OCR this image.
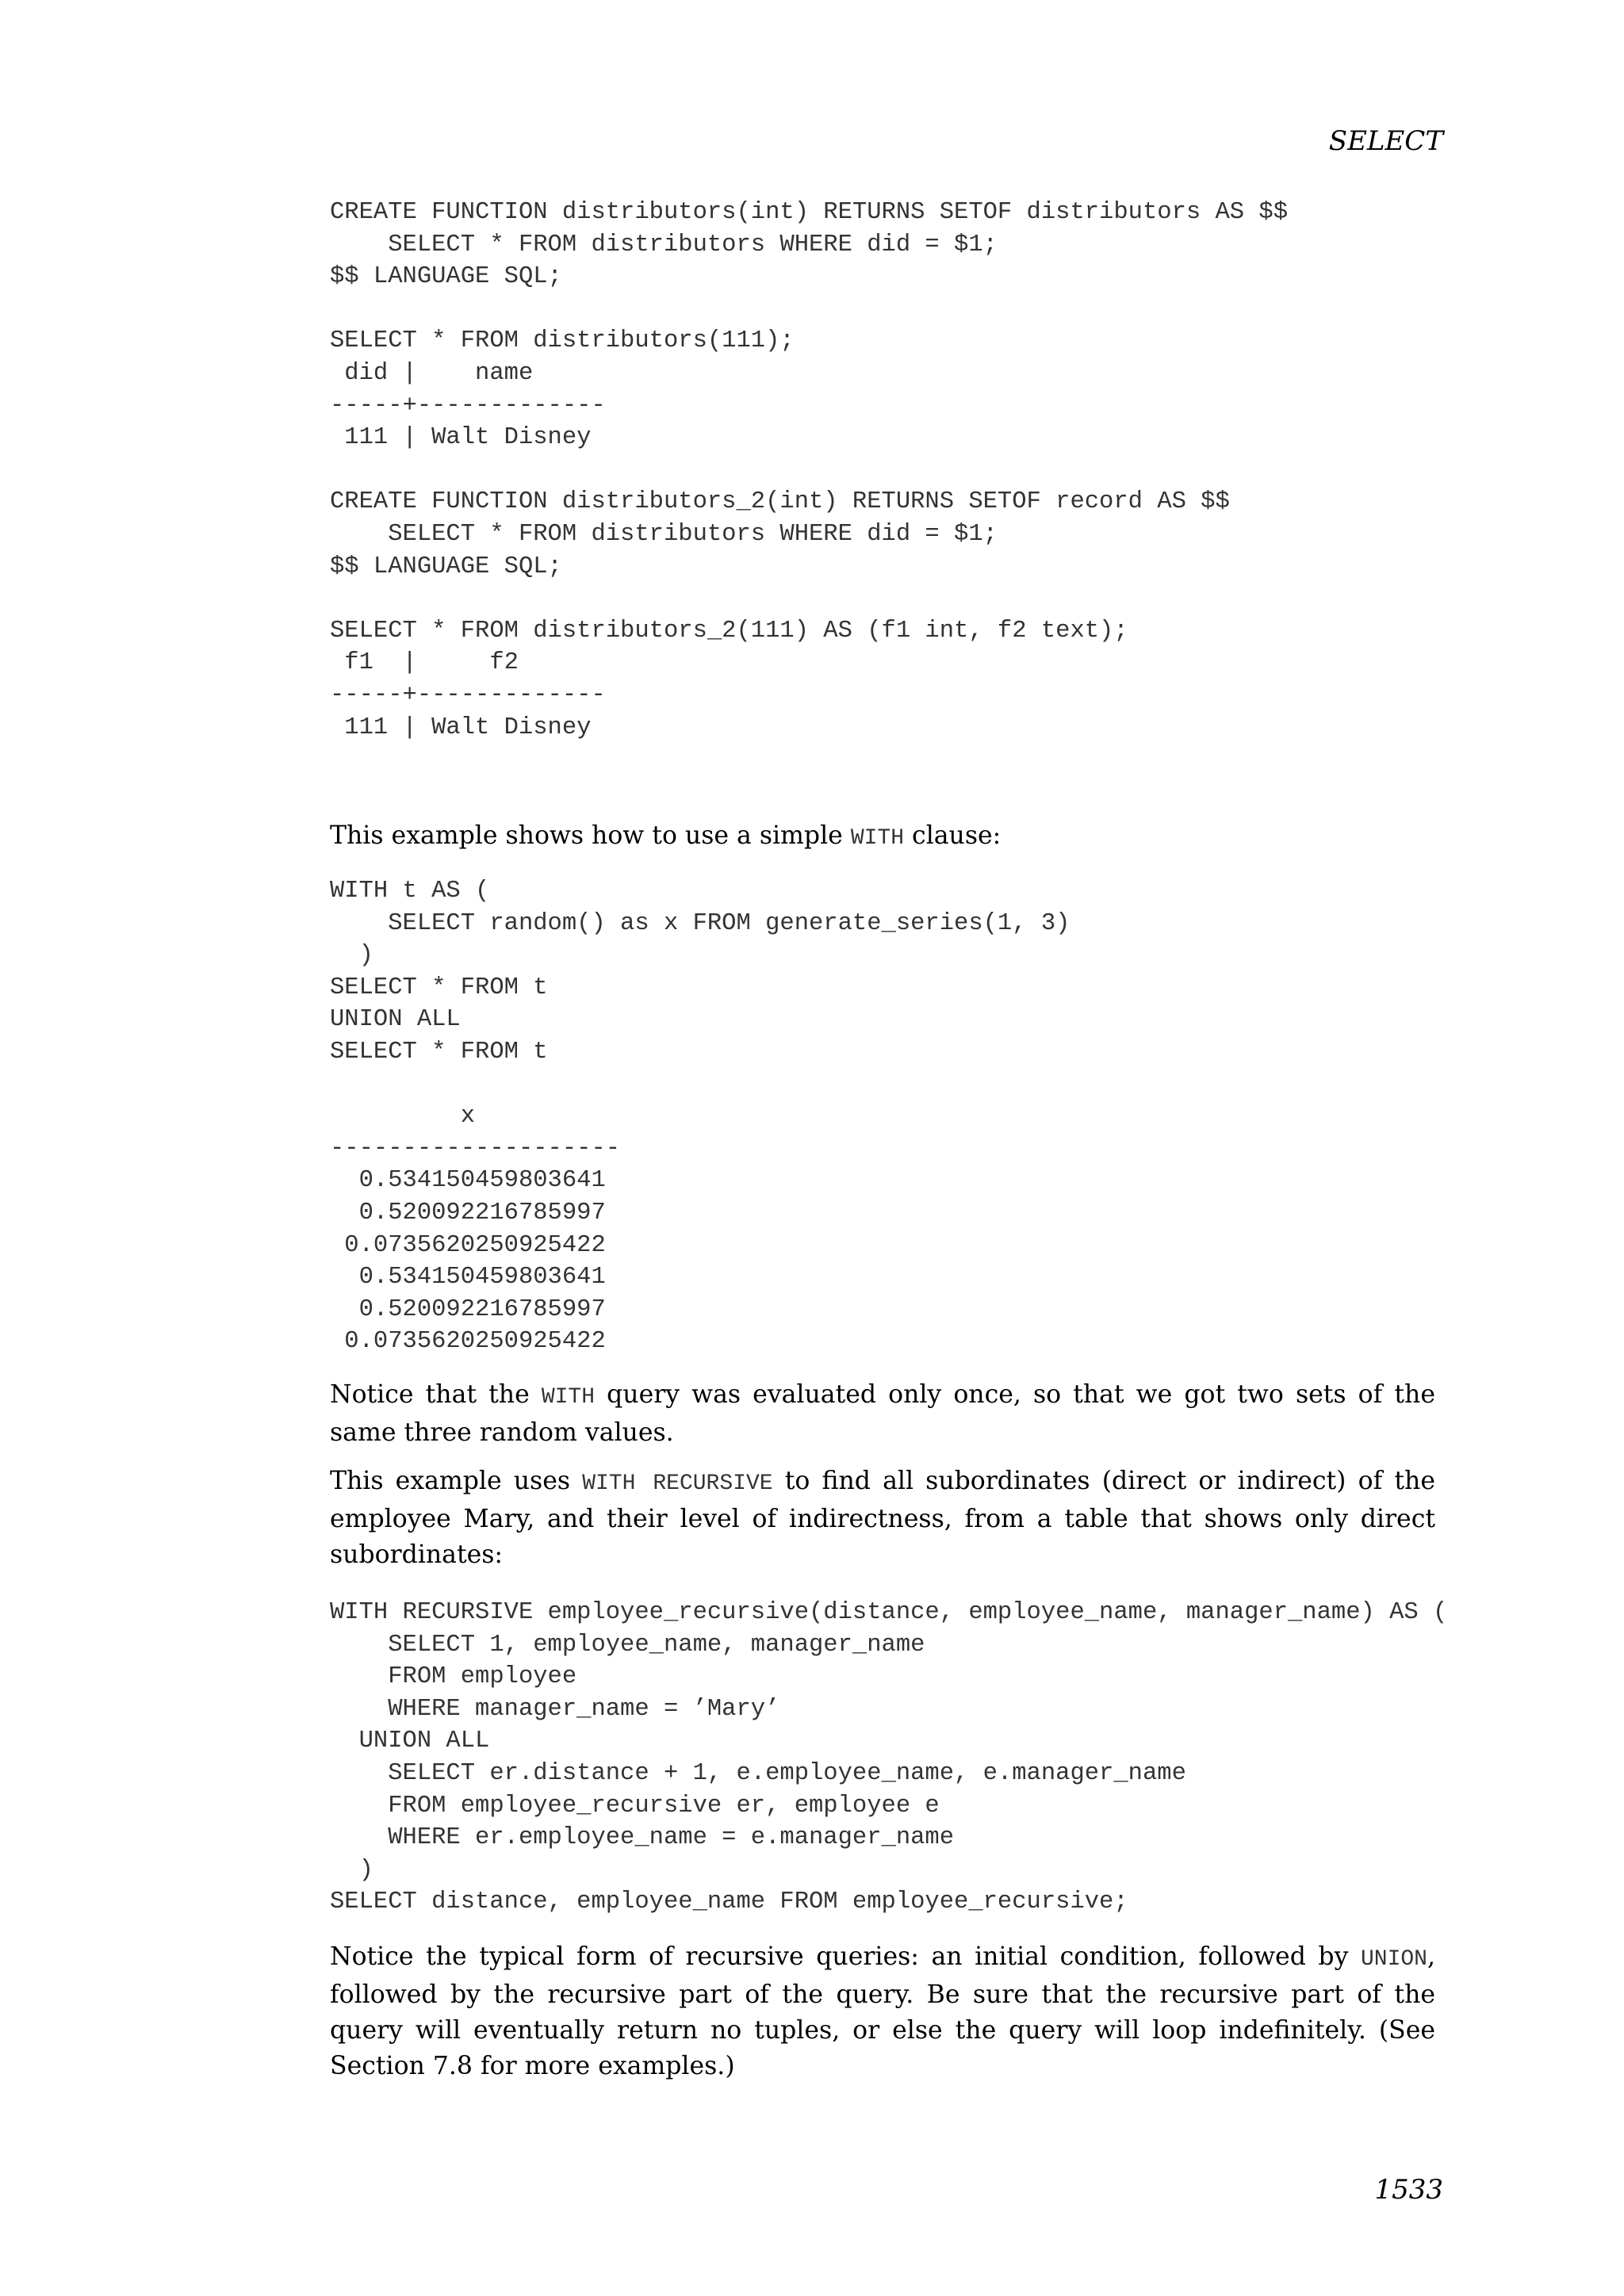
SELECT
CREATE FUNCTION distributors(int) RETURNS SETOF distributors AS $$
SELECT * FROM distributors WHERE did = $1;
$$ LANGUAGE SQL;

SELECT * FROM distributors(111);
did |    name
-----+-------------
111 | Walt Disney

CREATE FUNCTION distributors_2(int) RETURNS SETOF record AS $$
SELECT * FROM distributors WHERE did = $1;
$$ LANGUAGE SQL;

SELECT * FROM distributors_2(111) AS (f1 int, f2 text);
f1  |     f2
-----+-------------
111 | Walt Disney

This example shows how to use a simple WITH clause:

WITH t AS (
SELECT random() as x FROM generate_series(1, 3)
)
SELECT * FROM t
UNION ALL
SELECT * FROM t

x
--------------------
0.534150459803641
0.520092216785997
0.0735620250925422
0.534150459803641
0.520092216785997
0.0735620250925422

Notice that the WITH query was evaluated only once, so that we got two sets of the same three random values.

This example uses WITH RECURSIVE to find all subordinates (direct or indirect) of the employee Mary, and their level of indirectness, from a table that shows only direct subordinates:

WITH RECURSIVE employee_recursive(distance, employee_name, manager_name) AS (
SELECT 1, employee_name, manager_name
FROM employee
WHERE manager_name = ’Mary’
UNION ALL
SELECT er.distance + 1, e.employee_name, e.manager_name
FROM employee_recursive er, employee e
WHERE er.employee_name = e.manager_name
)
SELECT distance, employee_name FROM employee_recursive;

Notice the typical form of recursive queries: an initial condition, followed by UNION, followed by the recursive part of the query. Be sure that the recursive part of the query will eventually return no tuples, or else the query will loop indefinitely. (See Section 7.8 for more examples.)

1533
